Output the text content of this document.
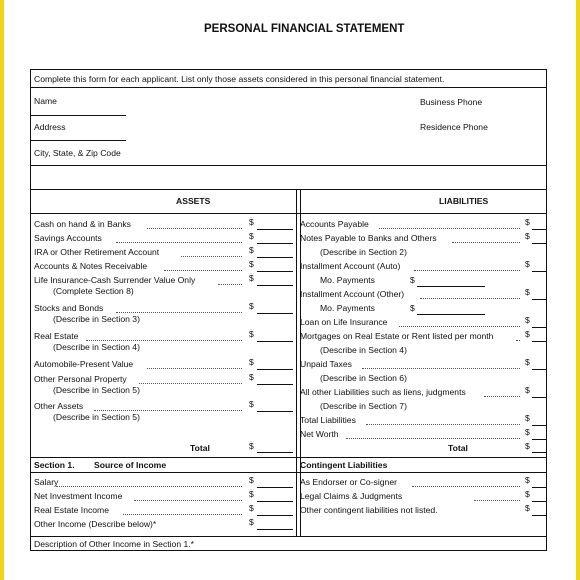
PERSONAL FINANCIAL STATEMENT
Complete this form for each applicant. List only those assets considered in this personal financial statement.
Name	Business Phone
Address	Residence Phone
City, State, & Zip Code
ASSETS	LIABILITIES
Cash on hand & in Banks	$
Savings Accounts	$
IRA or Other Retirement Account	$
Accounts & Notes Receivable	$
Life Insurance-Cash Surrender Value Only	$
(Complete Section 8)
Stocks and Bonds	$
(Describe in Section 3)
Real Estate	$
(Describe in Section 4)
Automobile-Present Value	$
Other Personal Property	$
(Describe in Section 5)
Other Assets	$
(Describe in Section 5)
Total	$
Accounts Payable	$
Notes Payable to Banks and Others	$
(Describe in Section 2)
Installment Account (Auto)	$
Mo. Payments	$
Installment Account (Other)	$
Mo. Payments	$
Loan on Life Insurance	$
Mortgages on Real Estate or Rent listed per month	$
(Describe in Section 4)
Unpaid Taxes	$
(Describe in Section 6)
All other Liabilities such as liens, judgments	$
(Describe in Section 7)
Total Liabilities	$
Net Worth	$
Total	$
Section 1. Source of Income	Contingent Liabilities
Salary	$
Net Investment Income	$
Real Estate Income	$
Other Income (Describe below)*	$
As Endorser or Co-signer	$
Legal Claims & Judgments	$
Other contingent liabilities not listed.	$
Description of Other Income in Section 1.*
